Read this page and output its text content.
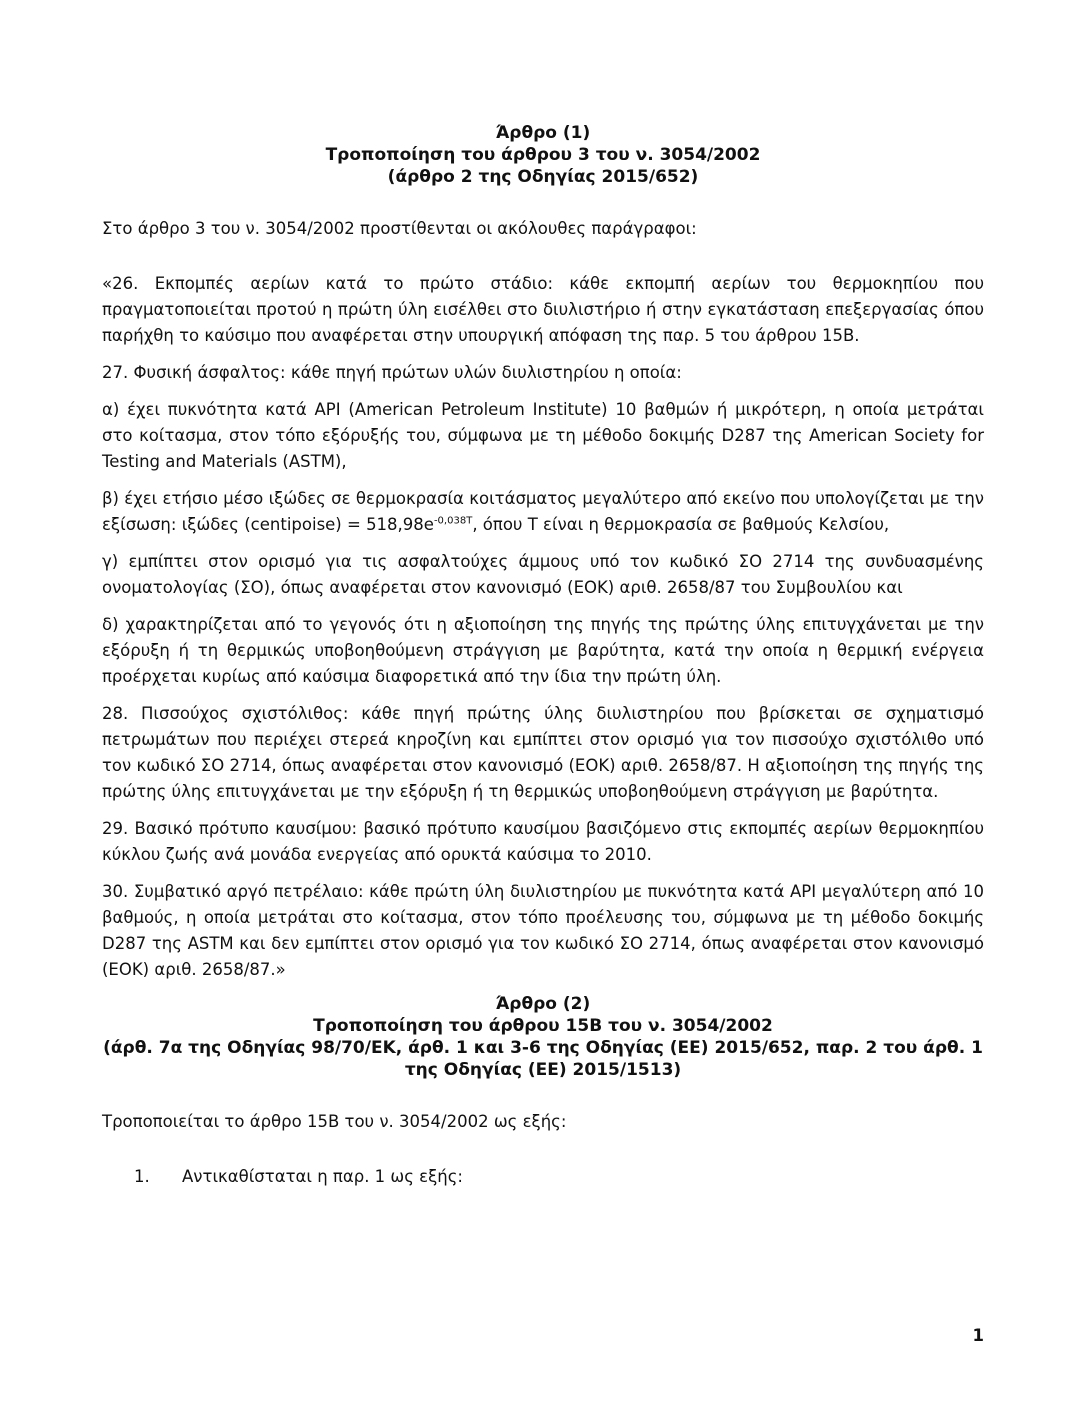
Άρθρο (1)
Τροποποίηση του άρθρου 3 του ν. 3054/2002
(άρθρο 2 της Οδηγίας 2015/652)

Στο άρθρο 3 του ν. 3054/2002 προστίθενται οι ακόλουθες παράγραφοι:

«26. Εκπομπές αερίων κατά το πρώτο στάδιο: κάθε εκπομπή αερίων του θερμοκηπίου που πραγματοποιείται προτού η πρώτη ύλη εισέλθει στο διυλιστήριο ή στην εγκατάσταση επεξεργασίας όπου παρήχθη το καύσιμο που αναφέρεται στην υπουργική απόφαση της παρ. 5 του άρθρου 15Β.

27. Φυσική άσφαλτος: κάθε πηγή πρώτων υλών διυλιστηρίου η οποία:

α) έχει πυκνότητα κατά API (American Petroleum Institute) 10 βαθμών ή μικρότερη, η οποία μετράται στο κοίτασμα, στον τόπο εξόρυξής του, σύμφωνα με τη μέθοδο δοκιμής D287 της American Society for Testing and Materials (ASTM),

β) έχει ετήσιο μέσο ιξώδες σε θερμοκρασία κοιτάσματος μεγαλύτερο από εκείνο που υπολογίζεται με την εξίσωση: ιξώδες (centipoise) = $518,98e^{-0,038T}$, όπου T είναι η θερμοκρασία σε βαθμούς Κελσίου,

γ) εμπίπτει στον ορισμό για τις ασφαλτούχες άμμους υπό τον κωδικό ΣΟ 2714 της συνδυασμένης ονοματολογίας (ΣΟ), όπως αναφέρεται στον κανονισμό (ΕΟΚ) αριθ. 2658/87 του Συμβουλίου και

δ) χαρακτηρίζεται από το γεγονός ότι η αξιοποίηση της πηγής της πρώτης ύλης επιτυγχάνεται με την εξόρυξη ή τη θερμικώς υποβοηθούμενη στράγγιση με βαρύτητα, κατά την οποία η θερμική ενέργεια προέρχεται κυρίως από καύσιμα διαφορετικά από την ίδια την πρώτη ύλη.

28. Πισσούχος σχιστόλιθος: κάθε πηγή πρώτης ύλης διυλιστηρίου που βρίσκεται σε σχηματισμό πετρωμάτων που περιέχει στερεά κηροζίνη και εμπίπτει στον ορισμό για τον πισσούχο σχιστόλιθο υπό τον κωδικό ΣΟ 2714, όπως αναφέρεται στον κανονισμό (ΕΟΚ) αριθ. 2658/87. Η αξιοποίηση της πηγής της πρώτης ύλης επιτυγχάνεται με την εξόρυξη ή τη θερμικώς υποβοηθούμενη στράγγιση με βαρύτητα.

29. Βασικό πρότυπο καυσίμου: βασικό πρότυπο καυσίμου βασιζόμενο στις εκπομπές αερίων θερμοκηπίου κύκλου ζωής ανά μονάδα ενεργείας από ορυκτά καύσιμα το 2010.

30. Συμβατικό αργό πετρέλαιο: κάθε πρώτη ύλη διυλιστηρίου με πυκνότητα κατά API μεγαλύτερη από 10 βαθμούς, η οποία μετράται στο κοίτασμα, στον τόπο προέλευσης του, σύμφωνα με τη μέθοδο δοκιμής D287 της ASTM και δεν εμπίπτει στον ορισμό για τον κωδικό ΣΟ 2714, όπως αναφέρεται στον κανονισμό (ΕΟΚ) αριθ. 2658/87.»

Άρθρο (2)
Τροποποίηση του άρθρου 15Β του ν. 3054/2002
(άρθ. 7α της Οδηγίας 98/70/ΕΚ, άρθ. 1 και 3-6 της Οδηγίας (ΕΕ) 2015/652, παρ. 2 του άρθ. 1 της Οδηγίας (ΕΕ) 2015/1513)

Τροποποιείται το άρθρο 15Β του ν. 3054/2002 ως εξής:

1.	Αντικαθίσταται η παρ. 1 ως εξής:
1
